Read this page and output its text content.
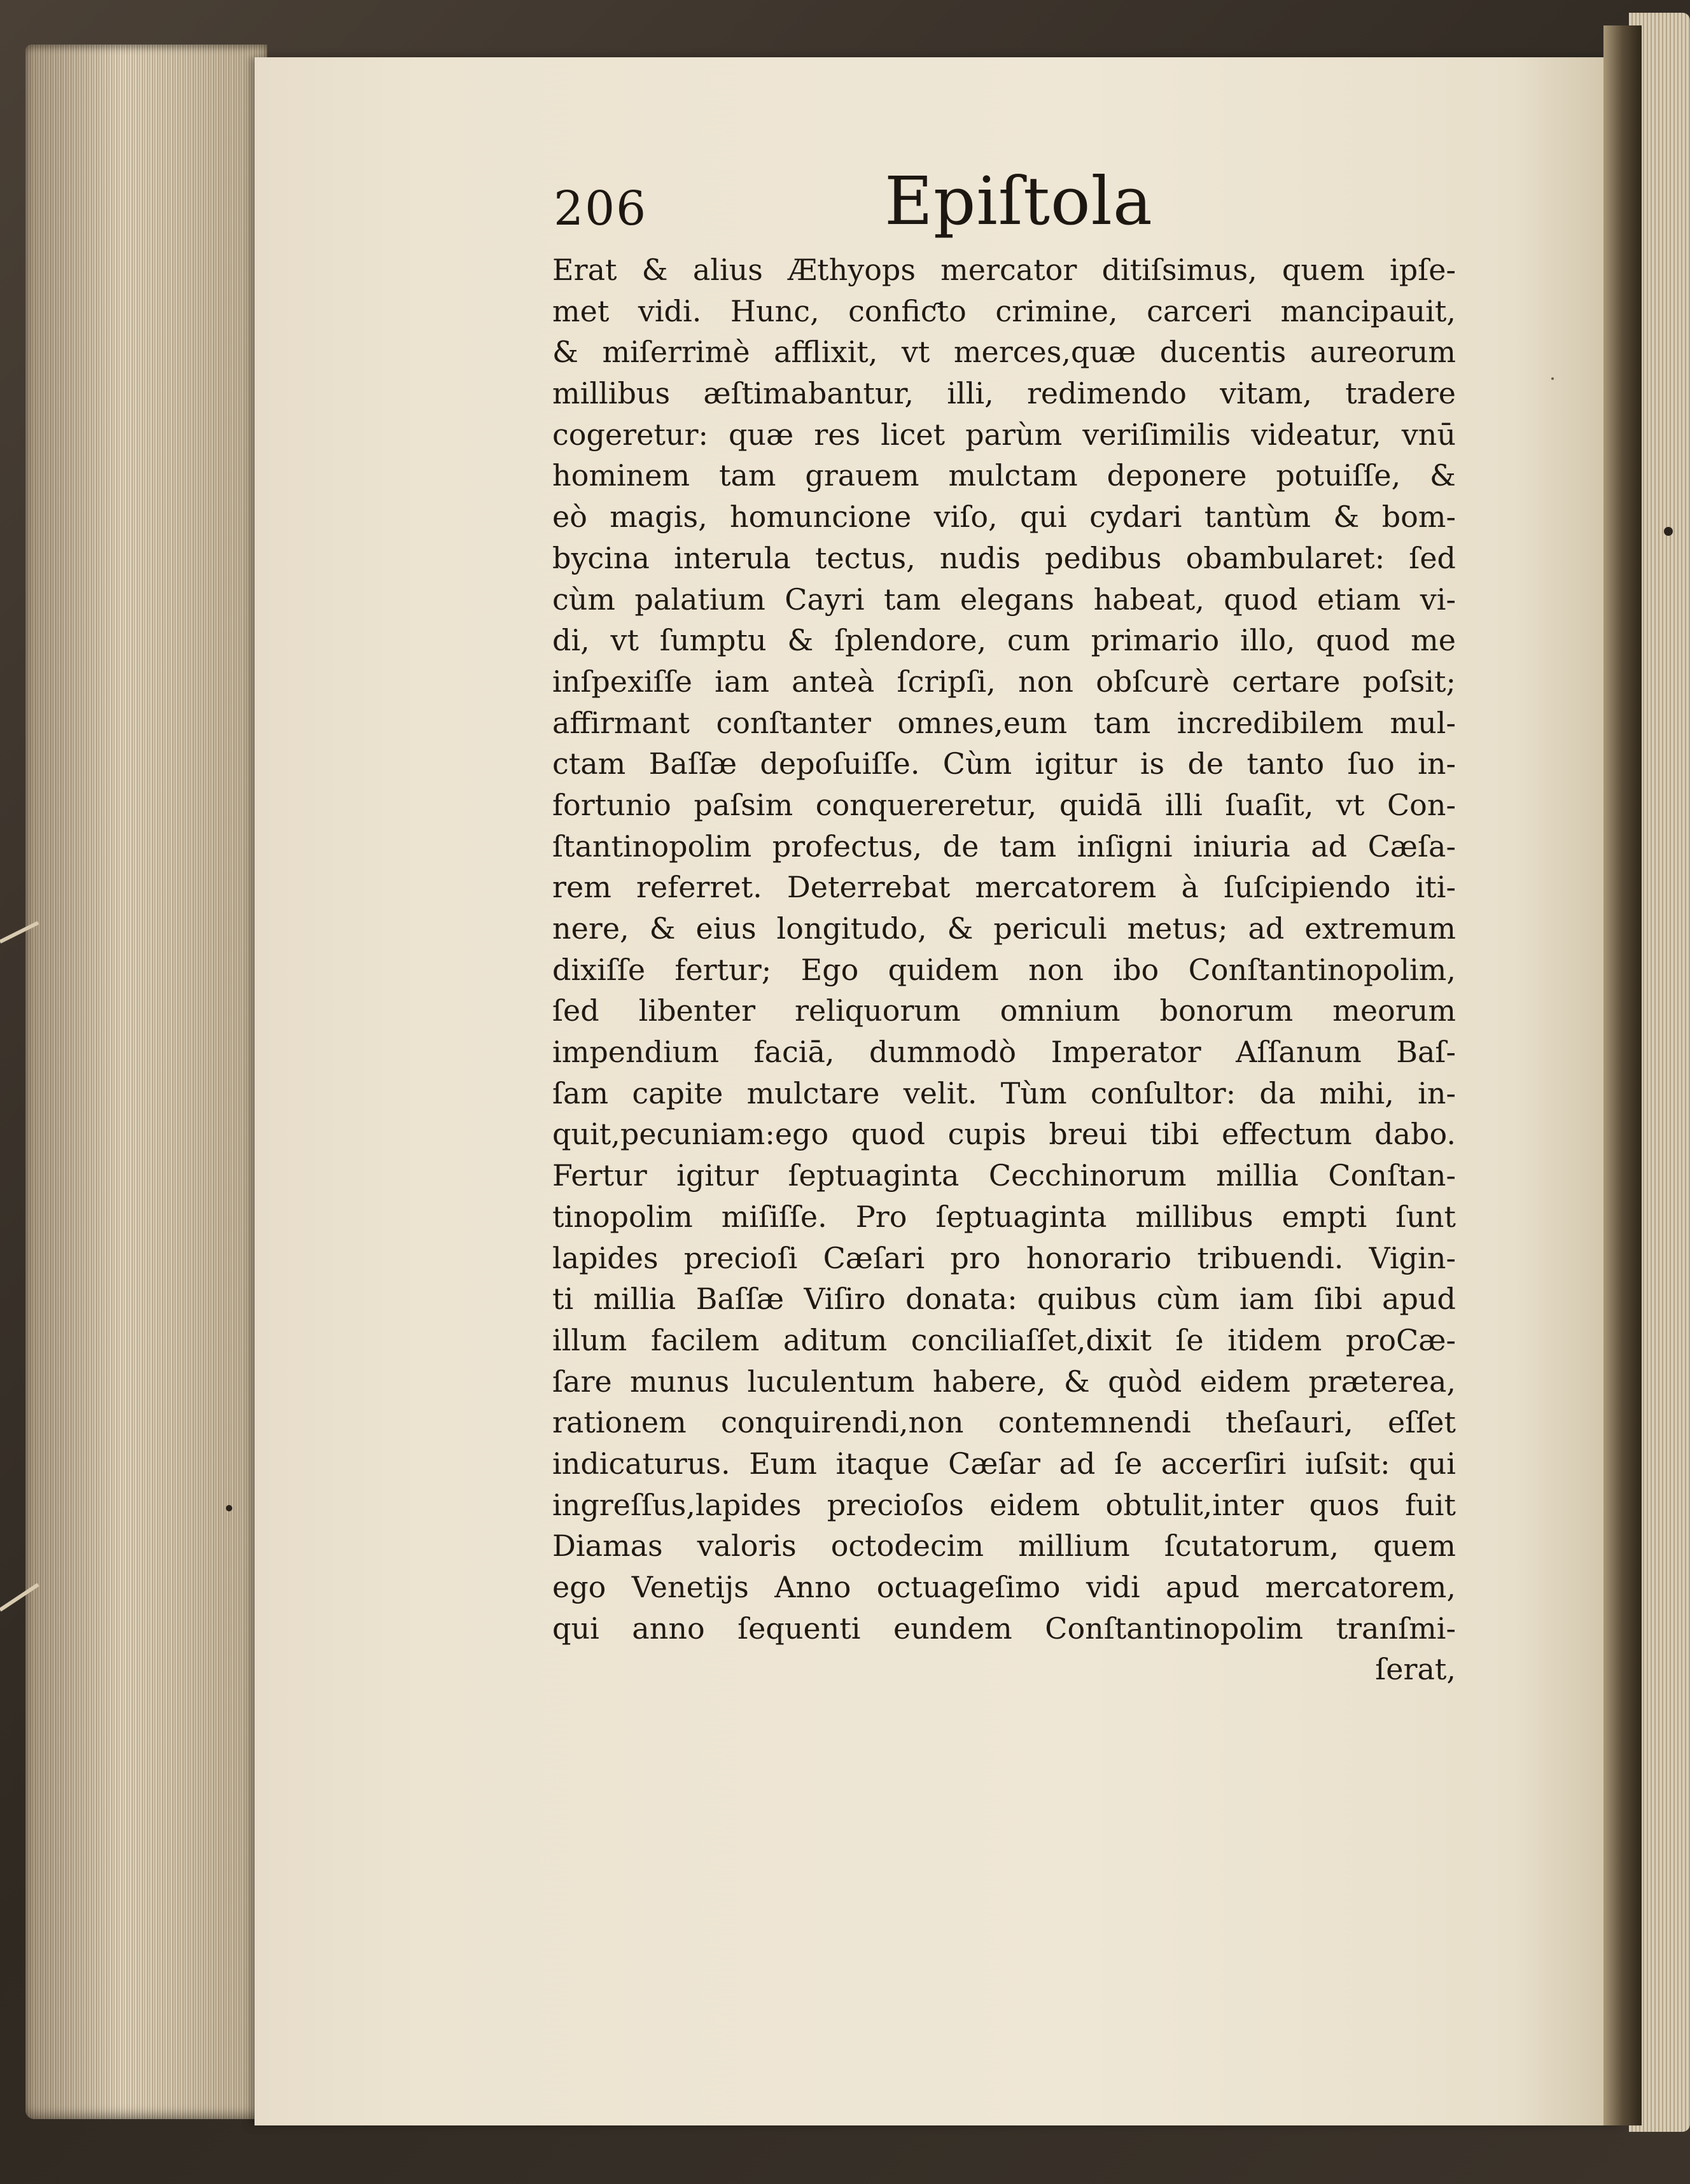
206	Epiſtola
Erat & alius Æthyops mercator ditiſsimus, quem ipſe-
met vidi. Hunc, confiƈto crimine, carceri mancipauit,
& miſerrimè afflixit, vt merces,quæ ducentis aureorum
millibus æſtimabantur, illi, redimendo vitam, tradere
cogeretur: quæ res licet parùm veriſimilis videatur, vnū
hominem tam grauem mulctam deponere potuiſſe, &
eò magis, homuncione viſo, qui cydari tantùm & bom-
bycina interula tectus, nudis pedibus obambularet: ſed
cùm palatium Cayri tam elegans habeat, quod etiam vi-
di, vt ſumptu & ſplendore, cum primario illo, quod me
inſpexiſſe iam anteà ſcripſi, non obſcurè certare poſsit;
affirmant conſtanter omnes,eum tam incredibilem mul-
ctam Baſſæ depoſuiſſe. Cùm igitur is de tanto ſuo in-
fortunio paſsim conquereretur, quidā illi ſuaſit, vt Con-
ſtantinopolim profectus, de tam inſigni iniuria ad Cæſa-
rem referret. Deterrebat mercatorem à ſuſcipiendo iti-
nere, & eius longitudo, & periculi metus; ad extremum
dixiſſe fertur; Ego quidem non ibo Conſtantinopolim,
ſed libenter reliquorum omnium bonorum meorum
impendium faciā, dummodò Imperator Aſſanum Baſ-
ſam capite mulctare velit. Tùm conſultor: da mihi, in-
quit,pecuniam:ego quod cupis breui tibi effectum dabo.
Fertur igitur ſeptuaginta Cecchinorum millia Conſtan-
tinopolim miſiſſe. Pro ſeptuaginta millibus empti ſunt
lapides precioſi Cæſari pro honorario tribuendi. Vigin-
ti millia Baſſæ Viſiro donata: quibus cùm iam ſibi apud
illum facilem aditum conciliaſſet,dixit ſe itidem proCæ-
ſare munus luculentum habere, & quòd eidem præterea,
rationem conquirendi,non contemnendi theſauri, eſſet
indicaturus. Eum itaque Cæſar ad ſe accerſiri iuſsit: qui
ingreſſus,lapides precioſos eidem obtulit,inter quos fuit
Diamas valoris octodecim millium ſcutatorum, quem
ego Venetijs Anno octuageſimo vidi apud mercatorem,
qui anno ſequenti eundem Conſtantinopolim tranſmi-
ſerat,
